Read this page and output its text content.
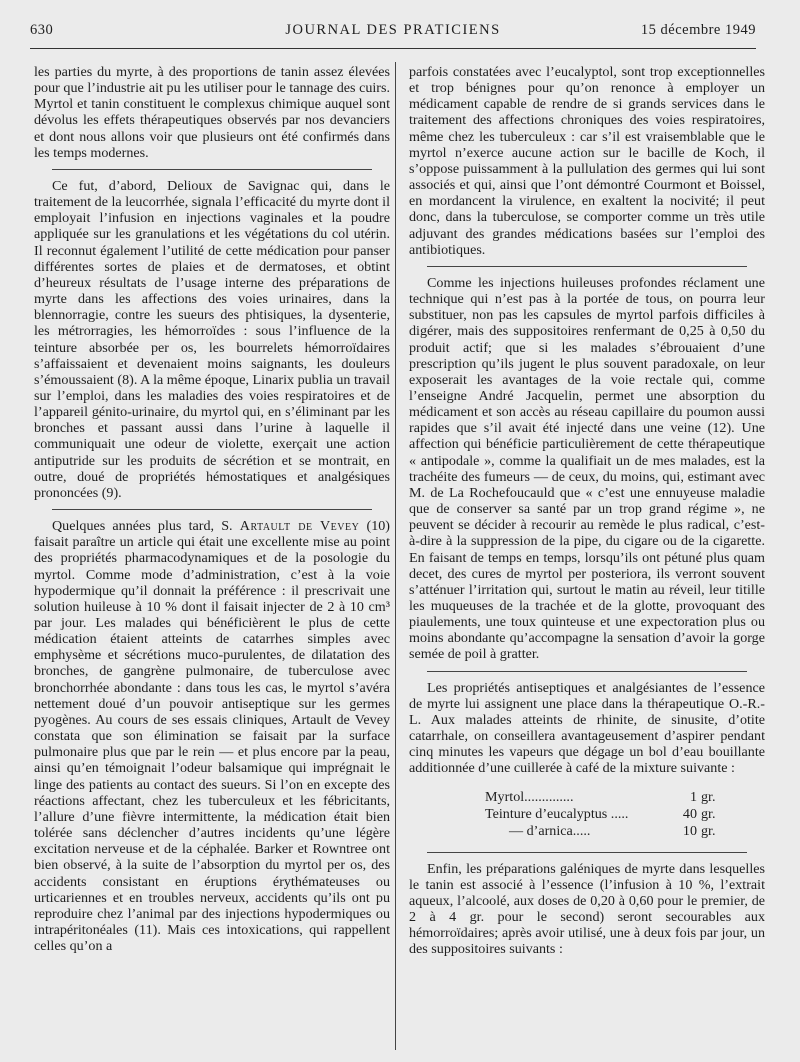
630	JOURNAL DES PRATICIENS	15 décembre 1949

les parties du myrte, à des proportions de tanin assez élevées pour que l’industrie ait pu les utiliser pour le tannage des cuirs. Myrtol et tanin constituent le complexus chimique auquel sont dévolus les effets thérapeutiques observés par nos devanciers et dont nous allons voir que plusieurs ont été confirmés dans les temps modernes.

Ce fut, d’abord, Delioux de Savignac qui, dans le traitement de la leucorrhée, signala l’efficacité du myrte dont il employait l’infusion en injections vaginales et la poudre appliquée sur les granulations et les végétations du col utérin. Il reconnut également l’utilité de cette médication pour panser différentes sortes de plaies et de dermatoses, et obtint d’heureux résultats de l’usage interne des préparations de myrte dans les affections des voies urinaires, dans la blennorragie, contre les sueurs des phtisiques, la dysenterie, les métrorragies, les hémorroïdes : sous l’influence de la teinture absorbée per os, les bourrelets hémorroïdaires s’affaissaient et devenaient moins saignants, les douleurs s’émoussaient (8). A la même époque, Linarix publia un travail sur l’emploi, dans les maladies des voies respiratoires et de l’appareil génito-urinaire, du myrtol qui, en s’éliminant par les bronches et passant aussi dans l’urine à laquelle il communiquait une odeur de violette, exerçait une action antiputride sur les produits de sécrétion et se montrait, en outre, doué de propriétés hémostatiques et analgésiques prononcées (9).

Quelques années plus tard, S. Artault de Vevey (10) faisait paraître un article qui était une excellente mise au point des propriétés pharmacodynamiques et de la posologie du myrtol. Comme mode d’administration, c’est à la voie hypodermique qu’il donnait la préférence : il prescrivait une solution huileuse à 10 % dont il faisait injecter de 2 à 10 cm³ par jour. Les malades qui bénéficièrent le plus de cette médication étaient atteints de catarrhes simples avec emphysème et sécrétions muco-purulentes, de dilatation des bronches, de gangrène pulmonaire, de tuberculose avec bronchorrhée abondante : dans tous les cas, le myrtol s’avéra nettement doué d’un pouvoir antiseptique sur les germes pyogènes. Au cours de ses essais cliniques, Artault de Vevey constata que son élimination se faisait par la surface pulmonaire plus que par le rein — et plus encore par la peau, ainsi qu’en témoignait l’odeur balsamique qui imprégnait le linge des patients au contact des sueurs. Si l’on en excepte des réactions affectant, chez les tuberculeux et les fébricitants, l’allure d’une fièvre intermittente, la médication était bien tolérée sans déclencher d’autres incidents qu’une légère excitation nerveuse et de la céphalée. Barker et Rowntree ont bien observé, à la suite de l’absorption du myrtol per os, des accidents consistant en éruptions érythémateuses ou urticariennes et en troubles nerveux, accidents qu’ils ont pu reproduire chez l’animal par des injections hypodermiques ou intrapéritonéales (11). Mais ces intoxications, qui rappellent celles qu’on a

parfois constatées avec l’eucalyptol, sont trop exceptionnelles et trop bénignes pour qu’on renonce à employer un médicament capable de rendre de si grands services dans le traitement des affections chroniques des voies respiratoires, même chez les tuberculeux : car s’il est vraisemblable que le myrtol n’exerce aucune action sur le bacille de Koch, il s’oppose puissamment à la pullulation des germes qui lui sont associés et qui, ainsi que l’ont démontré Courmont et Boissel, en mordancent la virulence, en exaltent la nocivité; il peut donc, dans la tuberculose, se comporter comme un très utile adjuvant des grandes médications basées sur l’emploi des antibiotiques.

Comme les injections huileuses profondes réclament une technique qui n’est pas à la portée de tous, on pourra leur substituer, non pas les capsules de myrtol parfois difficiles à digérer, mais des suppositoires renfermant de 0,25 à 0,50 du produit actif; que si les malades s’ébrouaient d’une prescription qu’ils jugent le plus souvent paradoxale, on leur exposerait les avantages de la voie rectale qui, comme l’enseigne André Jacquelin, permet une absorption du médicament et son accès au réseau capillaire du poumon aussi rapides que s’il avait été injecté dans une veine (12). Une affection qui bénéficie particulièrement de cette thérapeutique « antipodale », comme la qualifiait un de mes malades, est la trachéite des fumeurs — de ceux, du moins, qui, estimant avec M. de La Rochefoucauld que « c’est une ennuyeuse maladie que de conserver sa santé par un trop grand régime », ne peuvent se décider à recourir au remède le plus radical, c’est-à-dire à la suppression de la pipe, du cigare ou de la cigarette. En faisant de temps en temps, lorsqu’ils ont pétuné plus quam decet, des cures de myrtol per posteriora, ils verront souvent s’atténuer l’irritation qui, surtout le matin au réveil, leur titille les muqueuses de la trachée et de la glotte, provoquant des piaulements, une toux quinteuse et une expectoration plus ou moins abondante qu’accompagne la sensation d’avoir la gorge semée de poil à gratter.

Les propriétés antiseptiques et analgésiantes de l’essence de myrte lui assignent une place dans la thérapeutique O.-R.-L. Aux malades atteints de rhinite, de sinusite, d’otite catarrhale, on conseillera avantageusement d’aspirer pendant cinq minutes les vapeurs que dégage un bol d’eau bouillante additionnée d’une cuillerée à café de la mixture suivante :

Myrtol..............	1 gr.
Teinture d’eucalyptus .....	40 gr.
— d’arnica.....	10 gr.

Enfin, les préparations galéniques de myrte dans lesquelles le tanin est associé à l’essence (l’infusion à 10 %, l’extrait aqueux, l’alcoolé, aux doses de 0,20 à 0,60 pour le premier, de 2 à 4 gr. pour le second) seront secourables aux hémorroïdaires; après avoir utilisé, une à deux fois par jour, un des suppositoires suivants :
